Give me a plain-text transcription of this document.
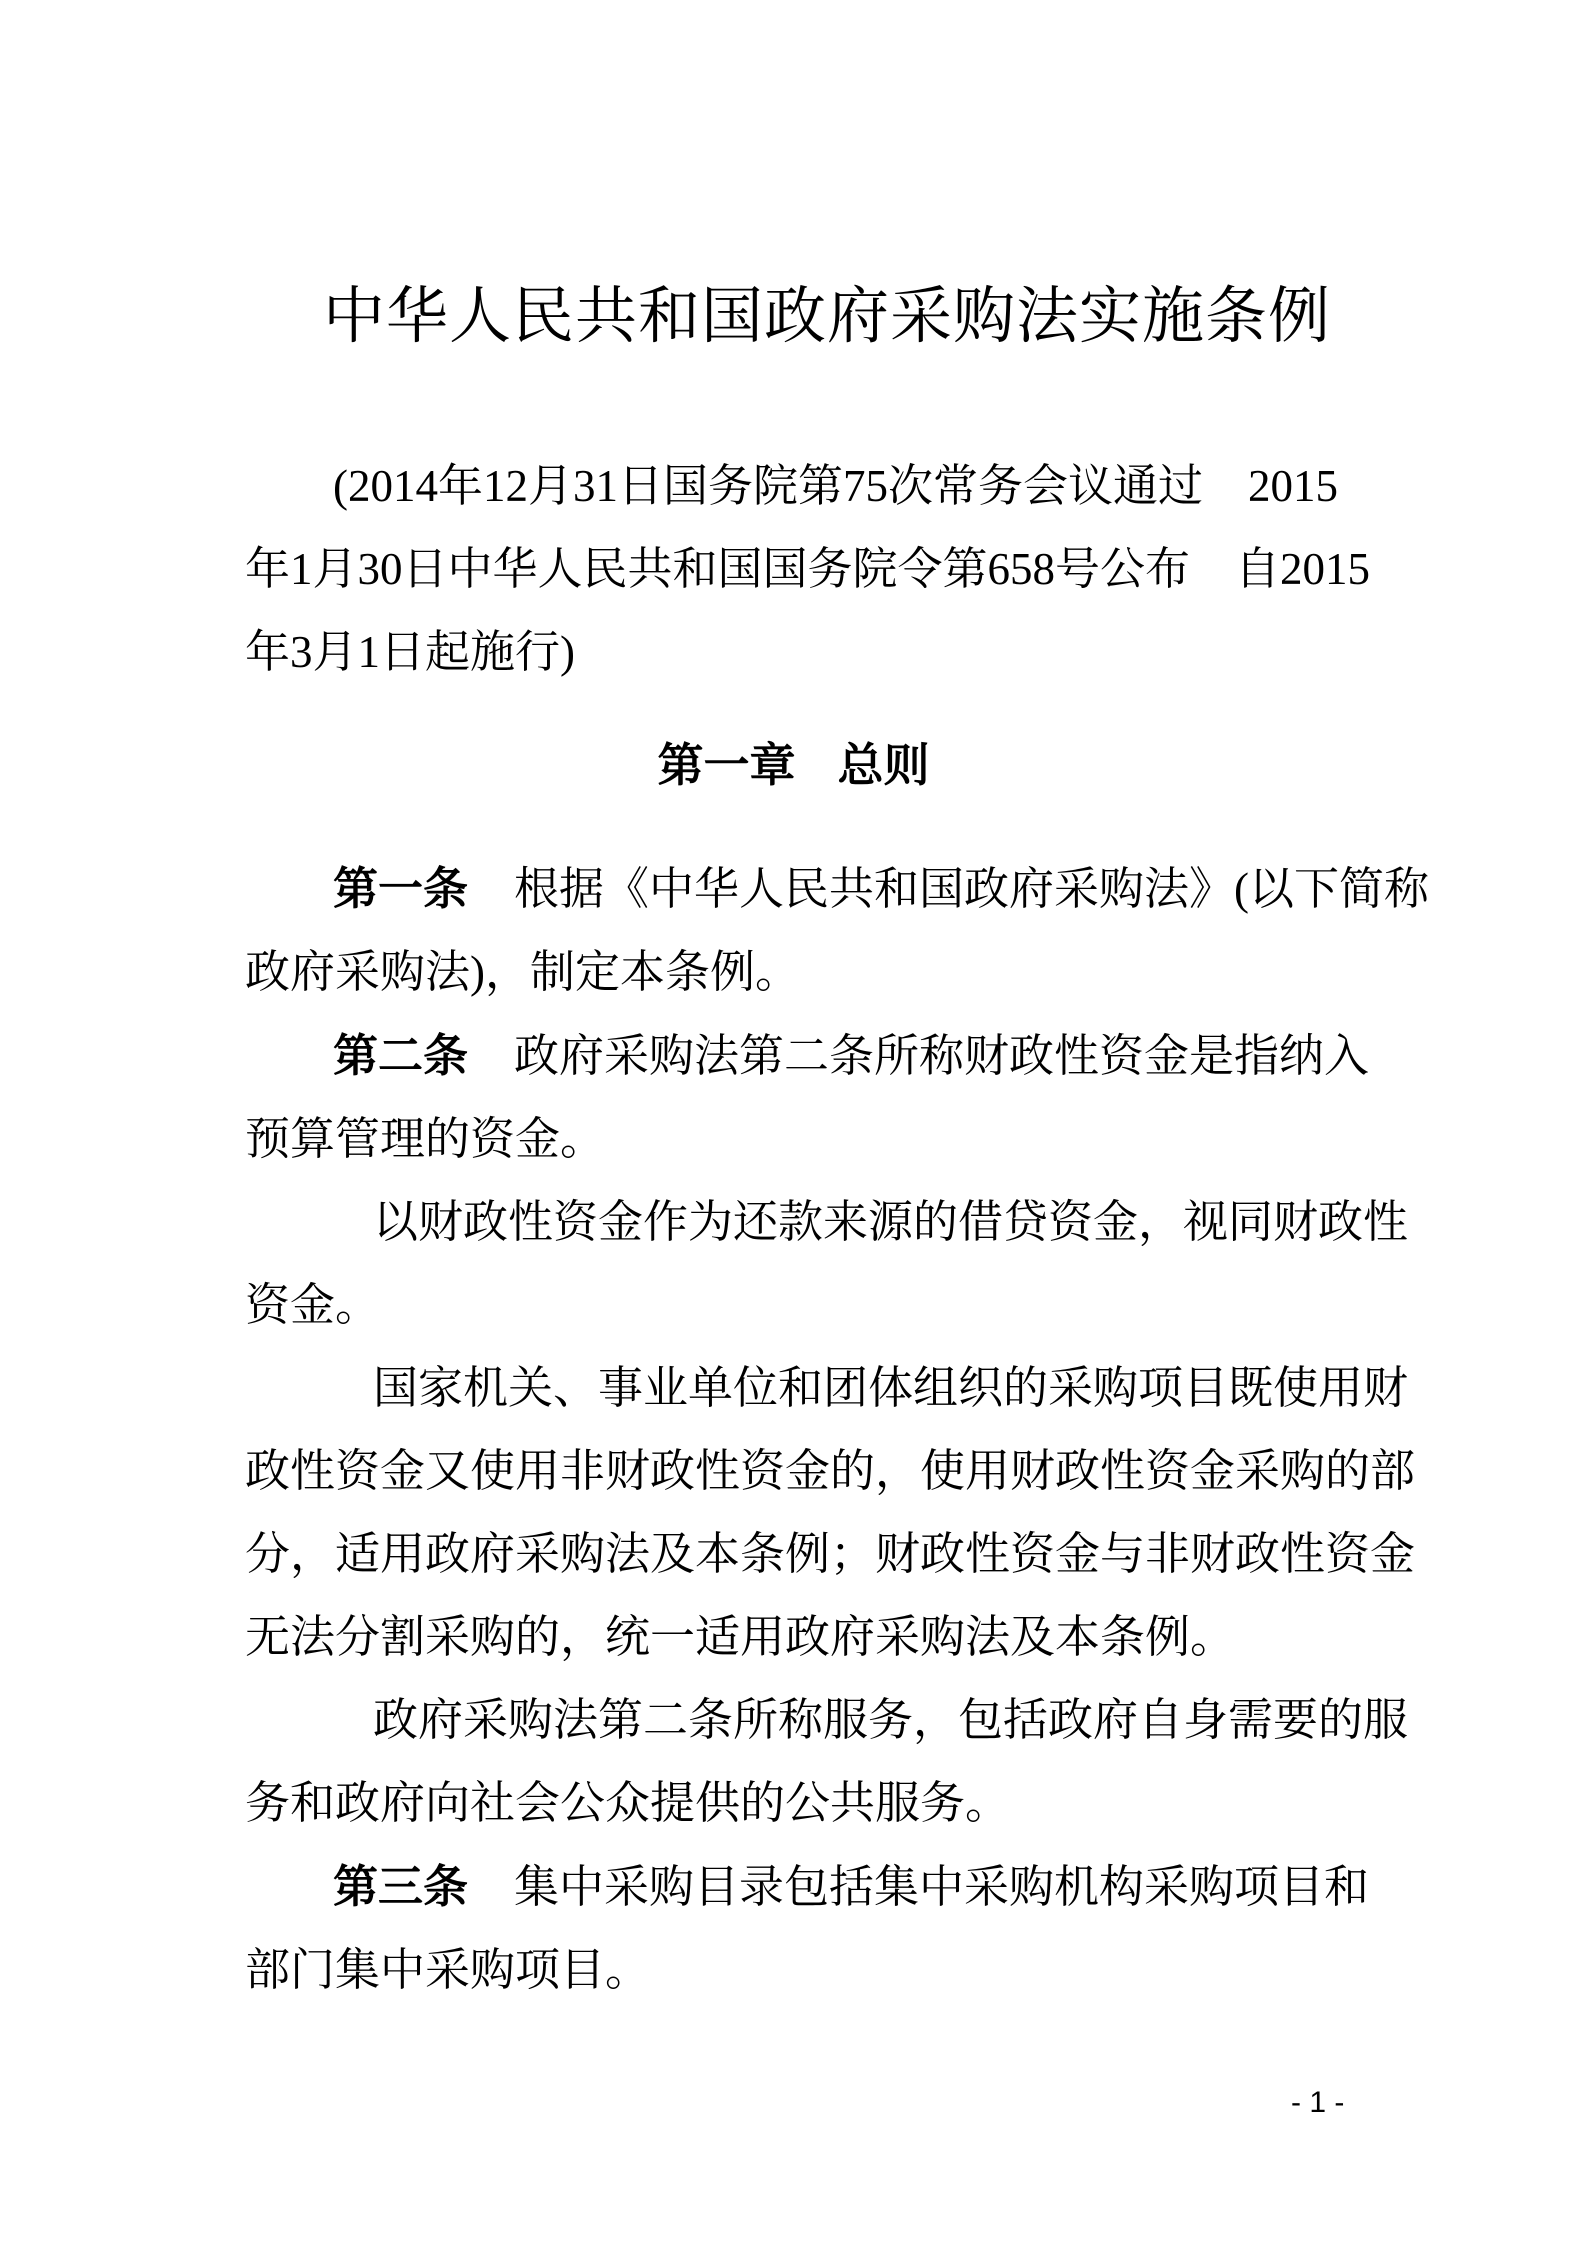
中华人民共和国政府采购法实施条例
(2014年12月31日国务院第75次常务会议通过　2015
年1月30日中华人民共和国国务院令第658号公布　自2015
年3月1日起施行)
第一章 总则
第一条 根据《中华人民共和国政府采购法》(以下简称
政府采购法)，制定本条例。
第二条 政府采购法第二条所称财政性资金是指纳入
预算管理的资金。
以财政性资金作为还款来源的借贷资金，视同财政性
资金。
国家机关、事业单位和团体组织的采购项目既使用财
政性资金又使用非财政性资金的，使用财政性资金采购的部
分，适用政府采购法及本条例；财政性资金与非财政性资金
无法分割采购的，统一适用政府采购法及本条例。
政府采购法第二条所称服务，包括政府自身需要的服
务和政府向社会公众提供的公共服务。
第三条 集中采购目录包括集中采购机构采购项目和
部门集中采购项目。
- 1 -
